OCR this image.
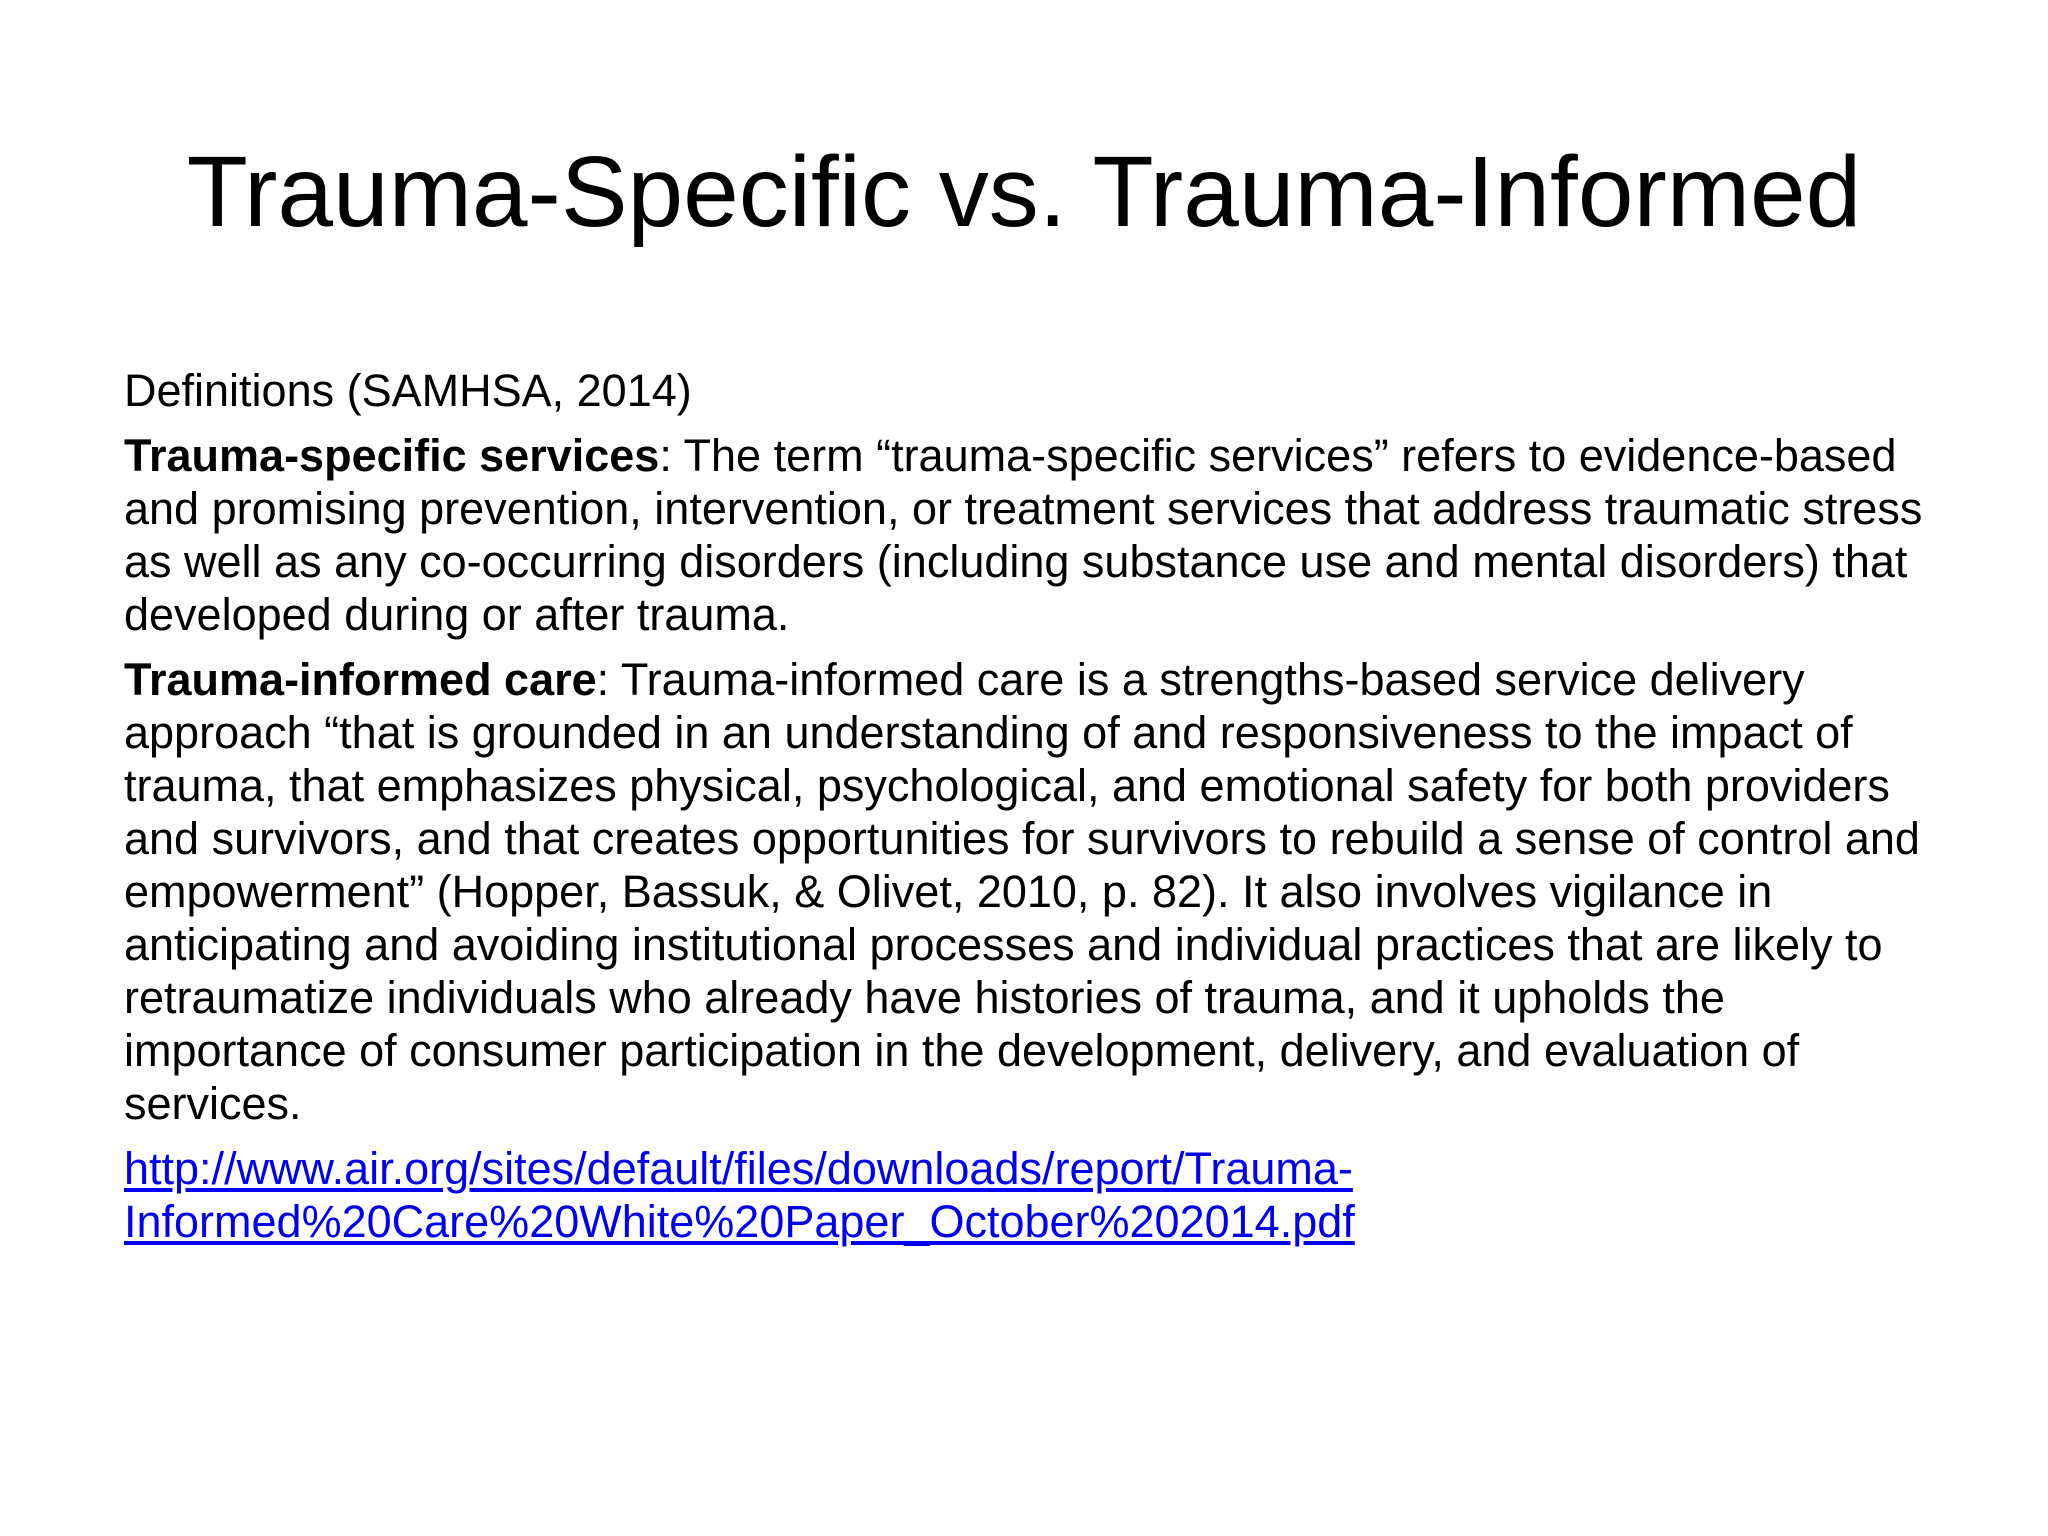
Trauma-Specific vs. Trauma-Informed

Definitions (SAMHSA, 2014)

Trauma-specific services: The term “trauma-specific services” refers to evidence-based and promising prevention, intervention, or treatment services that address traumatic stress as well as any co-occurring disorders (including substance use and mental disorders) that developed during or after trauma.

Trauma-informed care: Trauma-informed care is a strengths-based service delivery approach “that is grounded in an understanding of and responsiveness to the impact of trauma, that emphasizes physical, psychological, and emotional safety for both providers and survivors, and that creates opportunities for survivors to rebuild a sense of control and empowerment” (Hopper, Bassuk, & Olivet, 2010, p. 82). It also involves vigilance in anticipating and avoiding institutional processes and individual practices that are likely to retraumatize individuals who already have histories of trauma, and it upholds the importance of consumer participation in the development, delivery, and evaluation of services.

http://www.air.org/sites/default/files/downloads/report/Trauma-
Informed%20Care%20White%20Paper_October%202014.pdf
